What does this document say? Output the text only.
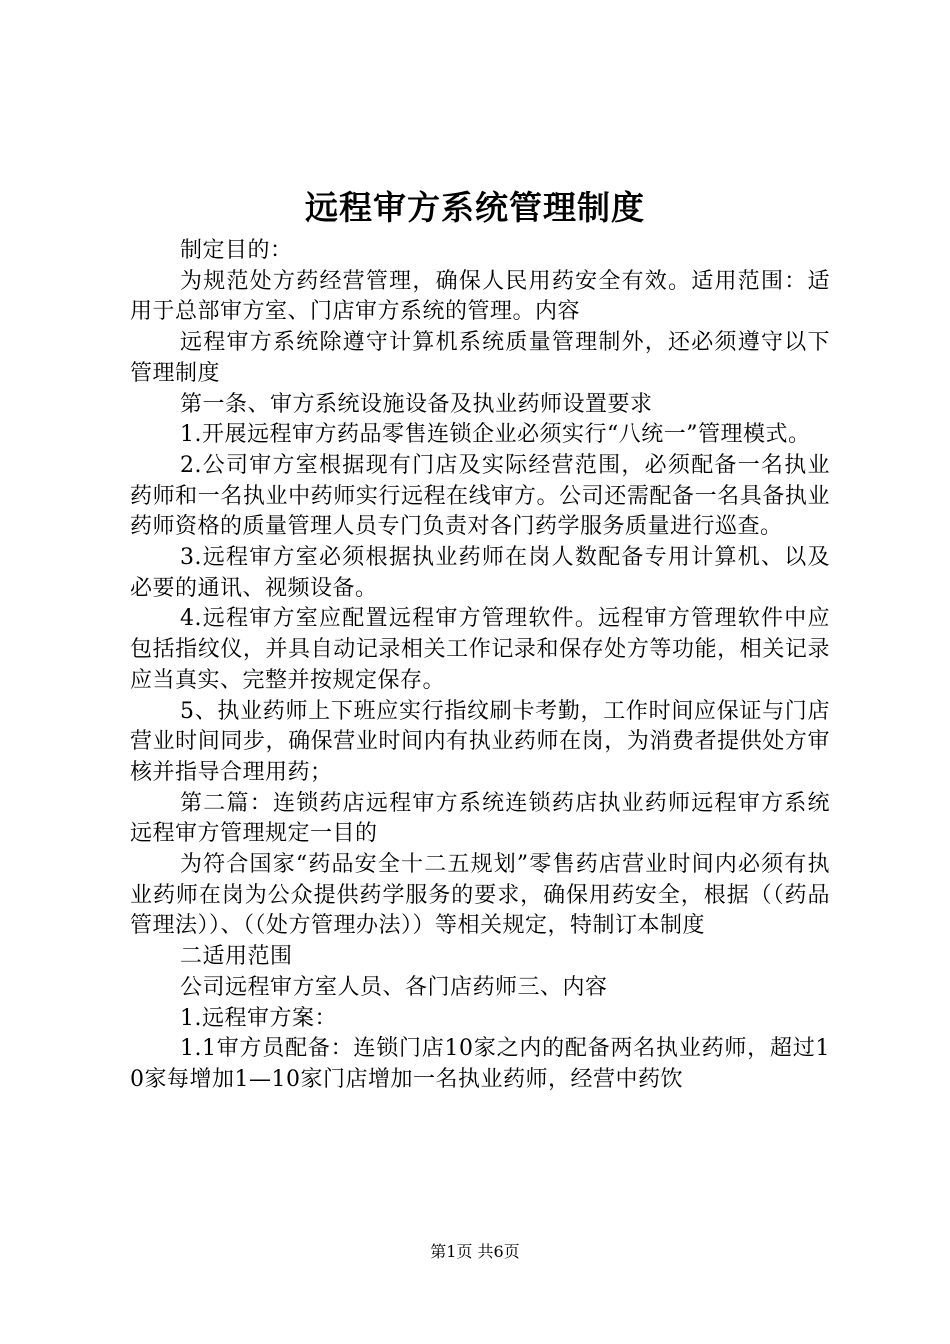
远程审方系统管理制度

制定目的：

为规范处方药经营管理，确保人民用药安全有效。适用范围：适用于总部审方室、门店审方系统的管理。内容

远程审方系统除遵守计算机系统质量管理制外，还必须遵守以下管理制度

第一条、审方系统设施设备及执业药师设置要求

1.开展远程审方药品零售连锁企业必须实行“八统一”管理模式。

2.公司审方室根据现有门店及实际经营范围，必须配备一名执业药师和一名执业中药师实行远程在线审方。公司还需配备一名具备执业药师资格的质量管理人员专门负责对各门药学服务质量进行巡查。

3.远程审方室必须根据执业药师在岗人数配备专用计算机、以及必要的通讯、视频设备。

4.远程审方室应配置远程审方管理软件。远程审方管理软件中应包括指纹仪，并具自动记录相关工作记录和保存处方等功能，相关记录应当真实、完整并按规定保存。

5、执业药师上下班应实行指纹刷卡考勤，工作时间应保证与门店营业时间同步，确保营业时间内有执业药师在岗，为消费者提供处方审核并指导合理用药；

第二篇：连锁药店远程审方系统连锁药店执业药师远程审方系统远程审方管理规定一目的

为符合国家“药品安全十二五规划”零售药店营业时间内必须有执业药师在岗为公众提供药学服务的要求，确保用药安全，根据（（药品管理法））、（（处方管理办法））等相关规定，特制订本制度

二适用范围

公司远程审方室人员、各门店药师三、内容

1.远程审方案：

1.1审方员配备：连锁门店10家之内的配备两名执业药师，超过10家每增加1—10家门店增加一名执业药师，经营中药饮

第1页 共6页
